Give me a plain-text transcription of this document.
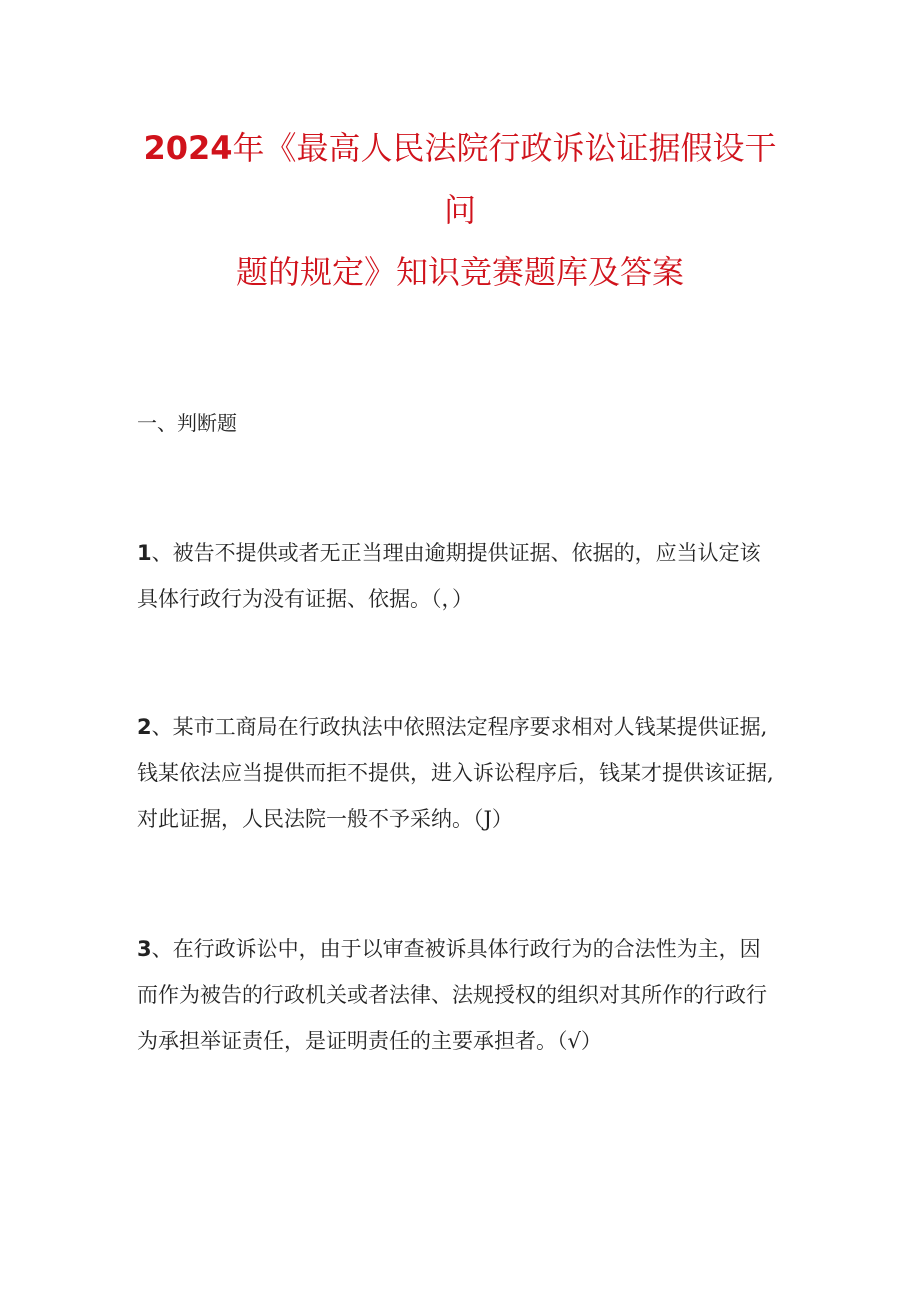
2024年《最高人民法院行政诉讼证据假设干
问
题的规定》知识竞赛题库及答案
一、判断题
1、被告不提供或者无正当理由逾期提供证据、依据的，应当认定该
具体行政行为没有证据、依据。（，）
2、某市工商局在行政执法中依照法定程序要求相对人钱某提供证据,
钱某依法应当提供而拒不提供，进入诉讼程序后，钱某才提供该证据,
对此证据，人民法院一般不予采纳。（J）
3、在行政诉讼中，由于以审查被诉具体行政行为的合法性为主，因
而作为被告的行政机关或者法律、法规授权的组织对其所作的行政行
为承担举证责任，是证明责任的主要承担者。（√）
